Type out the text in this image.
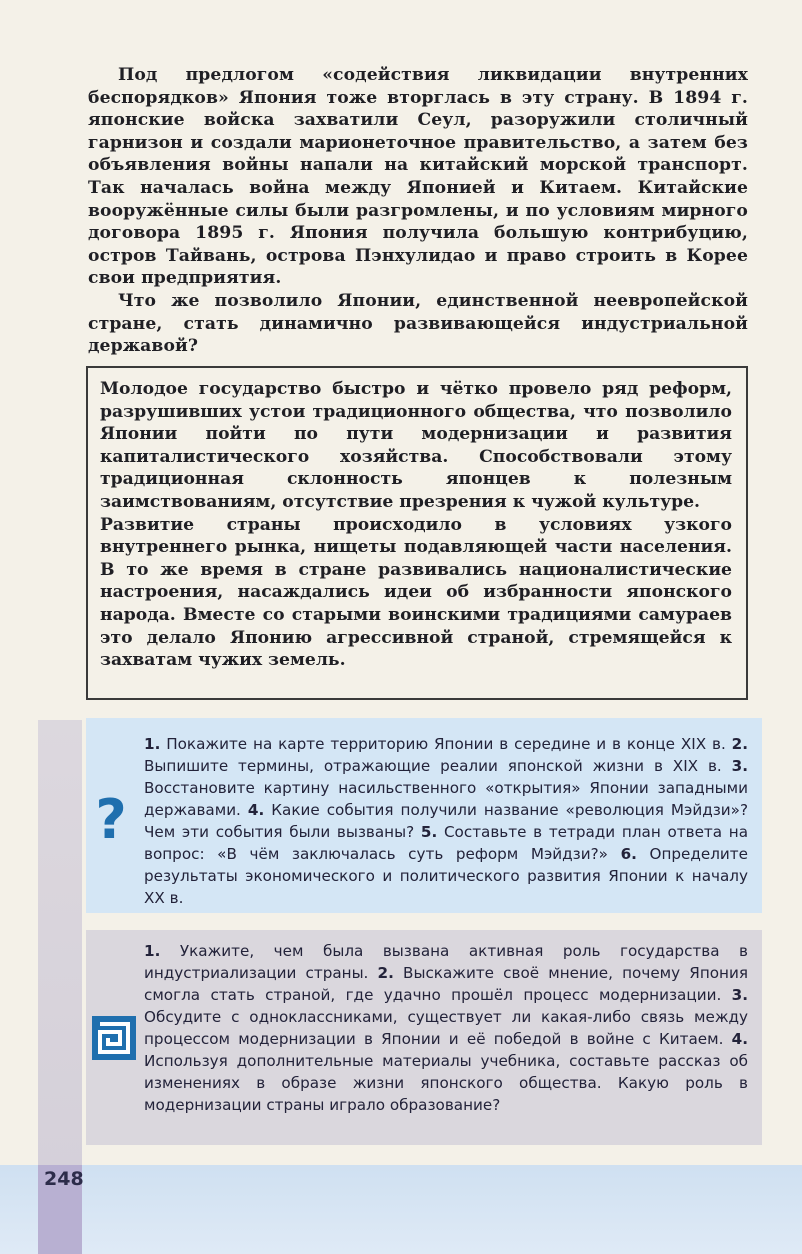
248

Под предлогом «содействия ликвидации внутренних беспорядков» Япония тоже вторглась в эту страну. В 1894 г. японские войска захватили Сеул, разоружили столичный гарнизон и создали марионеточное правительство, а затем без объявления войны напали на китайский морской транспорт. Так началась война между Японией и Китаем. Китайские вооружённые силы были разгромлены, и по условиям мирного договора 1895 г. Япония получила большую контрибуцию, остров Тайвань, острова Пэнхулидао и право строить в Корее свои предприятия.

Что же позволило Японии, единственной неевропейской стране, стать динамично развивающейся индустриальной державой?

Молодое государство быстро и чётко провело ряд реформ, разрушивших устои традиционного общества, что позволило Японии пойти по пути модернизации и развития капиталистического хозяйства. Способствовали этому традиционная склонность японцев к полезным заимствованиям, отсутствие презрения к чужой культуре.

Развитие страны происходило в условиях узкого внутреннего рынка, нищеты подавляющей части населения. В то же время в стране развивались националистические настроения, насаждались идеи об избранности японского народа. Вместе со старыми воинскими традициями самураев это делало Японию агрессивной страной, стремящейся к захватам чужих земель.

?
1. Покажите на карте территорию Японии в середине и в конце XIX в. 2. Выпишите термины, отражающие реалии японской жизни в XIX в. 3. Восстановите картину насильственного «открытия» Японии западными державами. 4. Какие события получили название «революция Мэйдзи»? Чем эти события были вызваны? 5. Составьте в тетради план ответа на вопрос: «В чём заключалась суть реформ Мэйдзи?» 6. Определите результаты экономического и политического развития Японии к началу XX в.
1. Укажите, чем была вызвана активная роль государства в индустриализации страны. 2. Выскажите своё мнение, почему Япония смогла стать страной, где удачно прошёл процесс модернизации. 3. Обсудите с одноклассниками, существует ли какая-либо связь между процессом модернизации в Японии и её победой в войне с Китаем. 4. Используя дополнительные материалы учебника, составьте рассказ об изменениях в образе жизни японского общества. Какую роль в модернизации страны играло образование?
